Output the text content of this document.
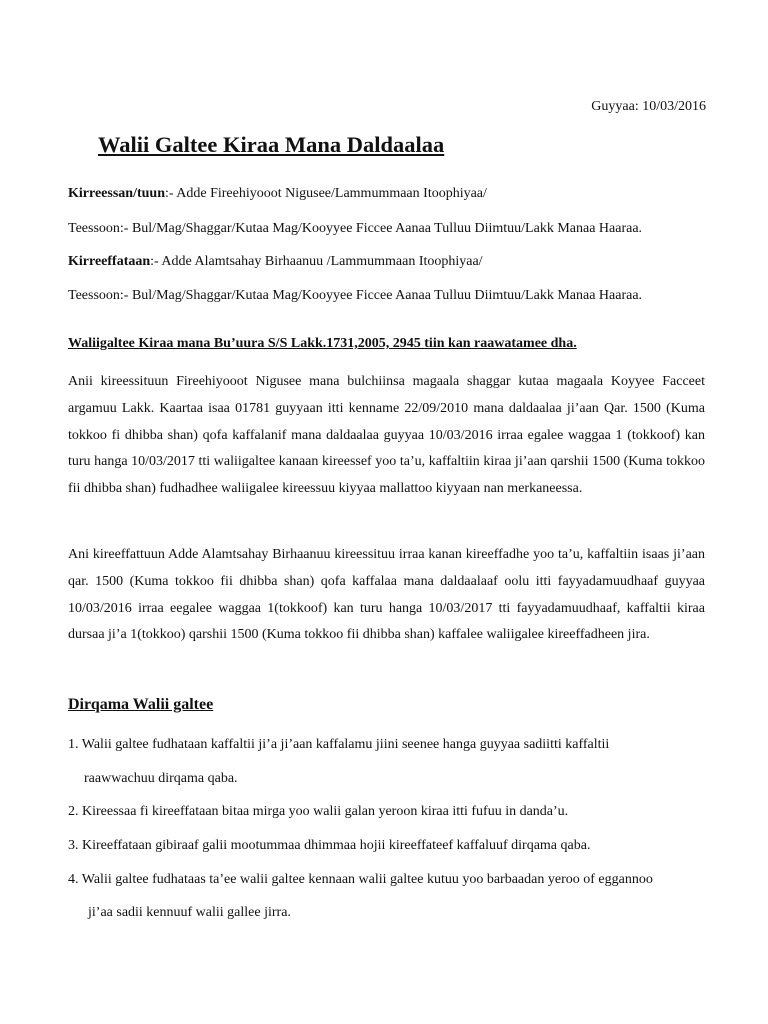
Guyyaa: 10/03/2016
Walii Galtee Kiraa Mana Daldaalaa
Kirreessan/tuun:- Adde Fireehiyooot Nigusee/Lammummaan Itoophiyaa/
Teessoon:- Bul/Mag/Shaggar/Kutaa Mag/Kooyyee Ficcee Aanaa Tulluu Diimtuu/Lakk Manaa Haaraa.
Kirreeffataan:- Adde Alamtsahay Birhaanuu /Lammummaan Itoophiyaa/
Teessoon:- Bul/Mag/Shaggar/Kutaa Mag/Kooyyee Ficcee Aanaa Tulluu Diimtuu/Lakk Manaa Haaraa.
Waliigaltee Kiraa mana Bu’uura S/S Lakk.1731,2005, 2945 tiin kan raawatamee dha.

Anii kireessituun Fireehiyooot Nigusee mana bulchiinsa magaala shaggar kutaa magaala Koyyee Facceet argamuu Lakk. Kaartaa isaa 01781 guyyaan itti kenname 22/09/2010 mana daldaalaa ji’aan Qar. 1500 (Kuma tokkoo fi dhibba shan) qofa kaffalanif mana daldaalaa guyyaa 10/03/2016 irraa egalee waggaa 1 (tokkoof) kan turu hanga 10/03/2017 tti waliigaltee kanaan kireessef yoo ta’u, kaffaltiin kiraa ji’aan qarshii 1500 (Kuma tokkoo fii dhibba shan) fudhadhee waliigalee kireessuu kiyyaa mallattoo kiyyaan nan merkaneessa.

Ani kireeffattuun Adde Alamtsahay Birhaanuu kireessituu irraa kanan kireeffadhe yoo ta’u, kaffaltiin isaas ji’aan qar. 1500 (Kuma tokkoo fii dhibba shan) qofa kaffalaa mana daldaalaaf oolu itti fayyadamuudhaaf guyyaa 10/03/2016 irraa eegalee waggaa 1(tokkoof) kan turu hanga 10/03/2017 tti fayyadamuudhaaf, kaffaltii kiraa dursaa ji’a 1(tokkoo) qarshii 1500 (Kuma tokkoo fii dhibba shan) kaffalee waliigalee kireeffadheen jira.

Dirqama Walii galtee
1. Walii galtee fudhataan kaffaltii ji’a ji’aan kaffalamu jiini seenee hanga guyyaa sadiitti kaffaltii
raawwachuu dirqama qaba.
2. Kireessaa fi kireeffataan bitaa mirga yoo walii galan yeroon kiraa itti fufuu in danda’u.
3. Kireeffataan gibiraaf galii mootummaa dhimmaa hojii kireeffateef kaffaluuf dirqama qaba.
4. Walii galtee fudhataas ta’ee walii galtee kennaan walii galtee kutuu yoo barbaadan yeroo of eggannoo
ji’aa sadii kennuuf walii gallee jirra.
